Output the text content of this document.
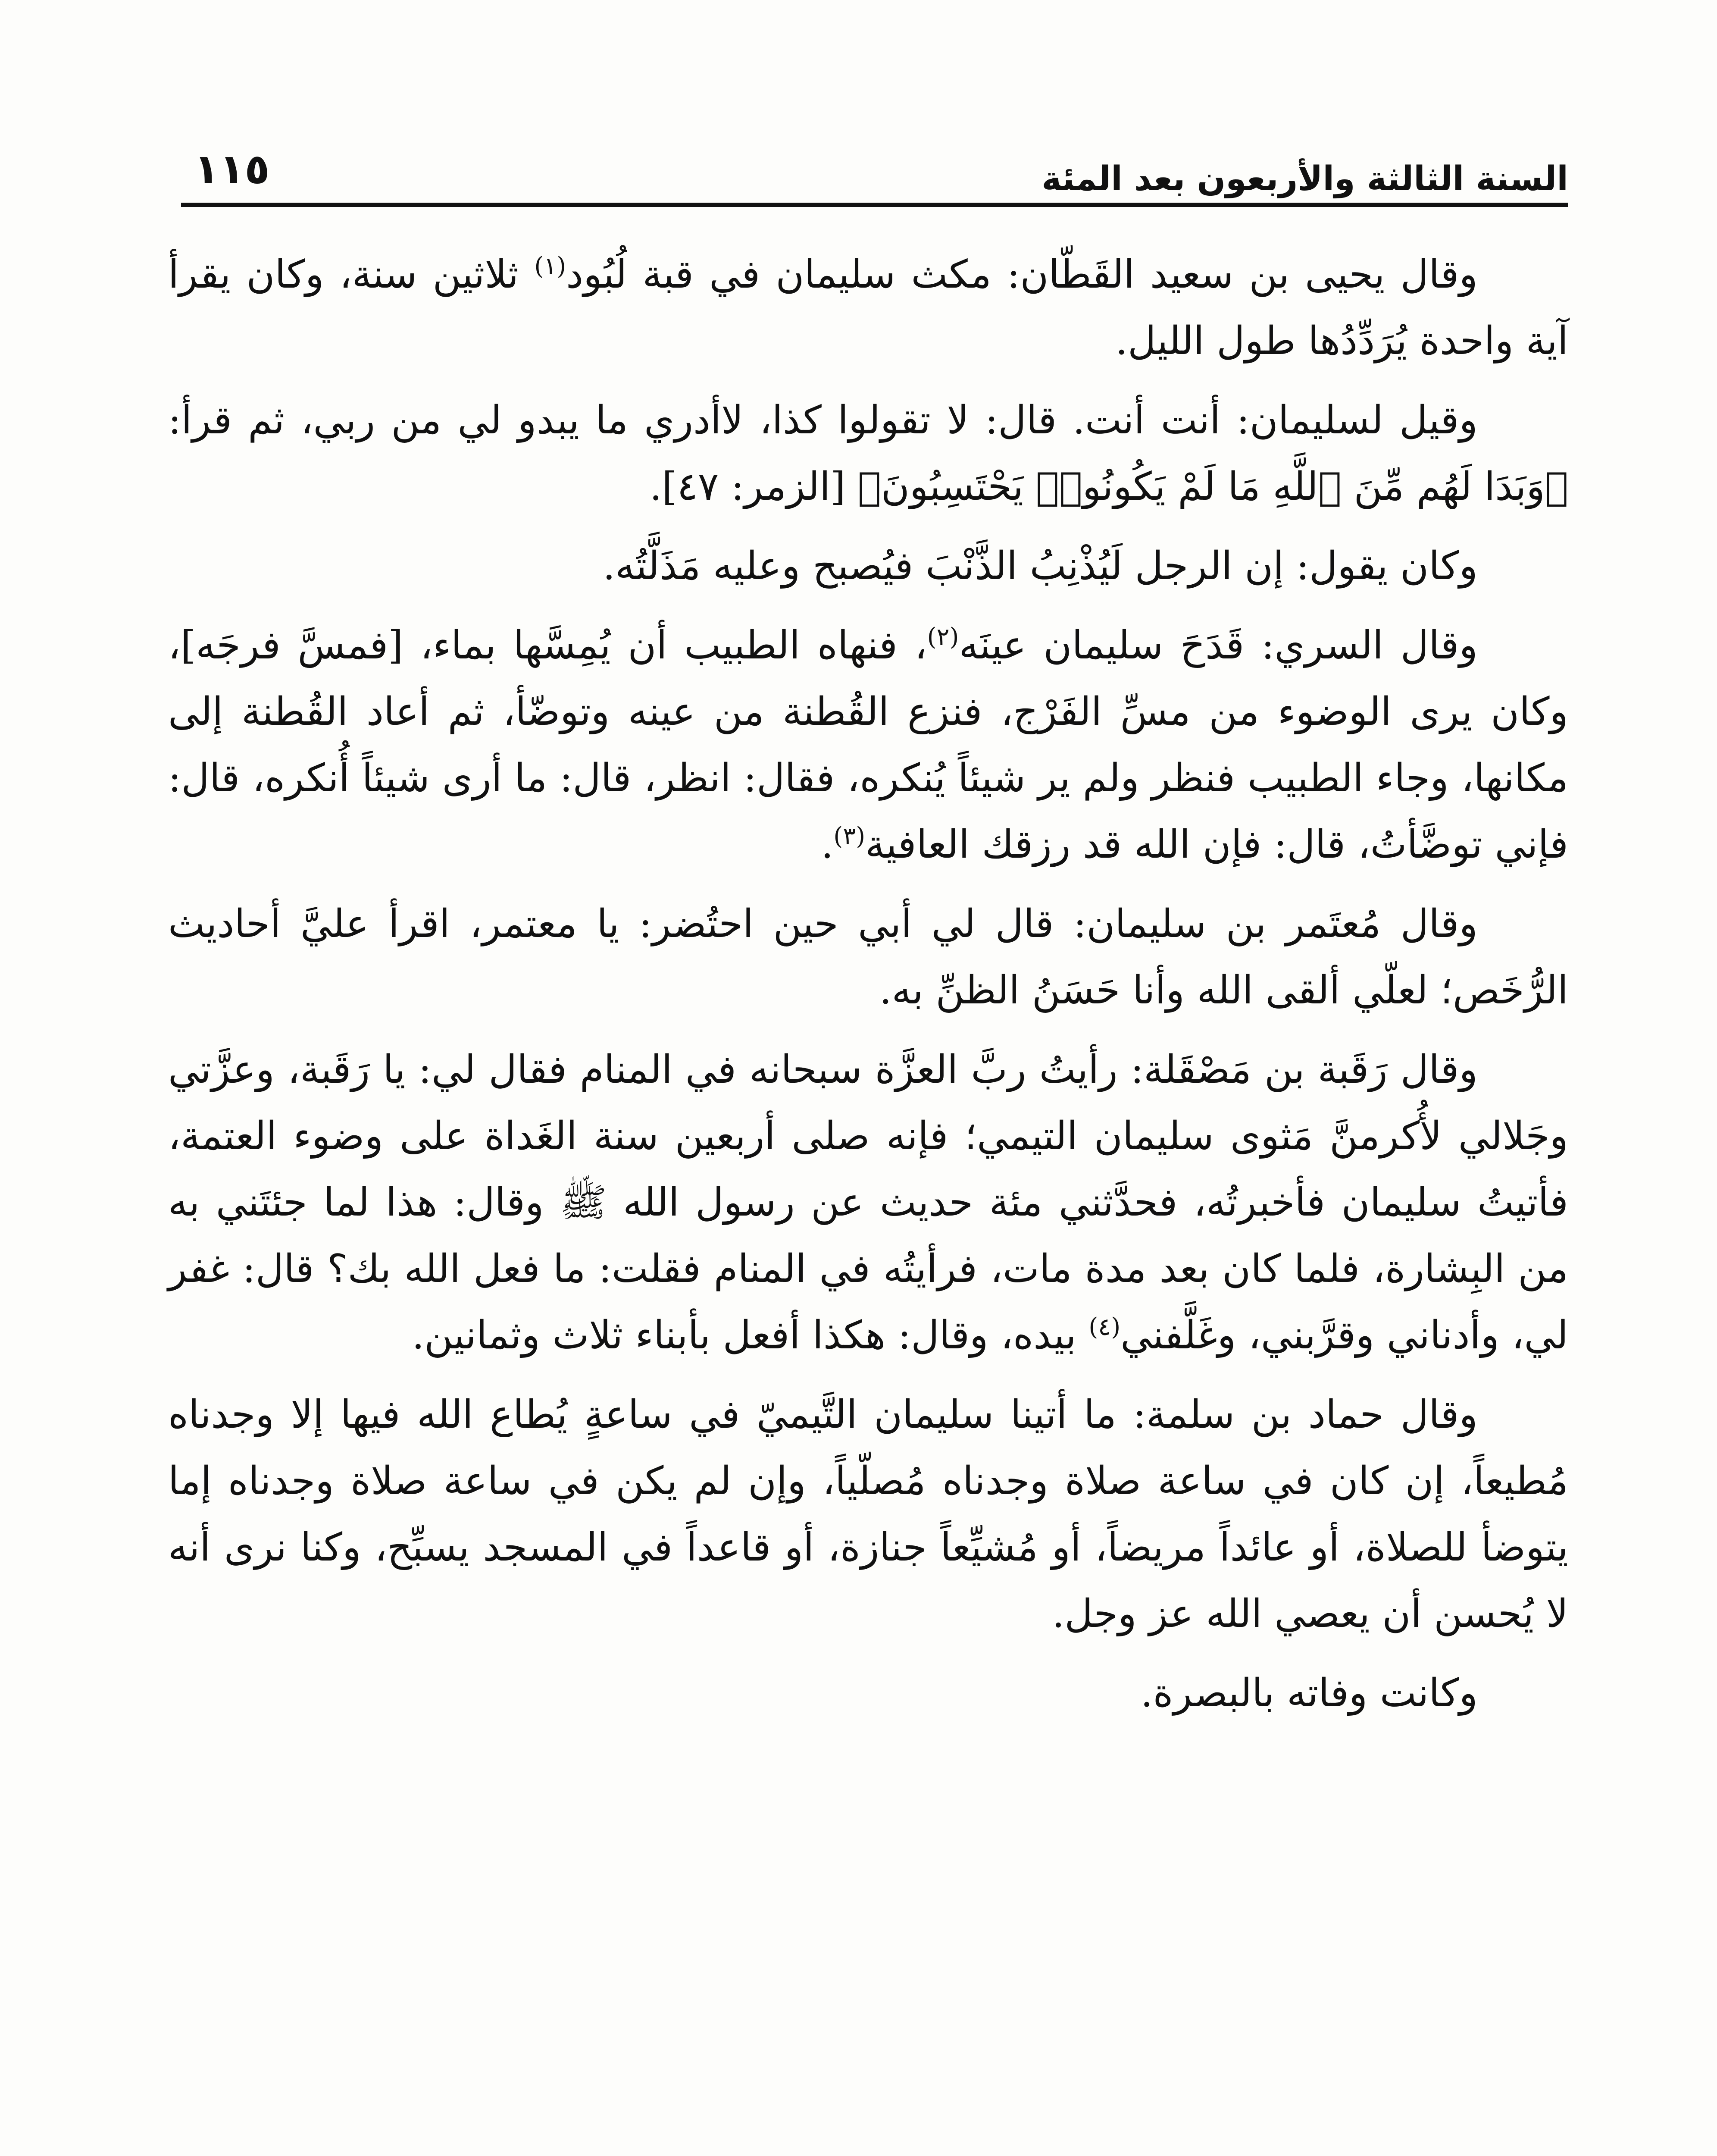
السنة الثالثة والأربعون بعد المئة
١١٥

وقال يحيى بن سعيد القَطّان: مكث سليمان في قبة لُبُود$^{(١)}$ ثلاثين سنة، وكان يقرأ آية واحدة يُرَدِّدُها طول الليل.

وقيل لسليمان: أنت أنت. قال: لا تقولوا كذا، لاأدري ما يبدو لي من ربي، ثم قرأ: ﴿وَبَدَا لَهُم مِّنَ ٱللَّهِ مَا لَمْ يَكُونُوا۟ يَحْتَسِبُونَ﴾ [الزمر: ٤٧].

وكان يقول: إن الرجل لَيُذْنِبُ الذَّنْبَ فيُصبح وعليه مَذَلَّتُه.

وقال السري: قَدَحَ سليمان عينَه$^{(٢)}$، فنهاه الطبيب أن يُمِسَّها بماء، [فمسَّ فرجَه]، وكان يرى الوضوء من مسِّ الفَرْج، فنزع القُطنة من عينه وتوضّأ، ثم أعاد القُطنة إلى مكانها، وجاء الطبيب فنظر ولم ير شيئاً يُنكره، فقال: انظر، قال: ما أرى شيئاً أُنكره، قال: فإني توضَّأتُ، قال: فإن الله قد رزقك العافية$^{(٣)}$.

وقال مُعتَمر بن سليمان: قال لي أبي حين احتُضر: يا معتمر، اقرأ عليَّ أحاديث الرُّخَص؛ لعلّي ألقى الله وأنا حَسَنُ الظنِّ به.

وقال رَقَبة بن مَصْقَلة: رأيتُ ربَّ العزَّة سبحانه في المنام فقال لي: يا رَقَبة، وعزَّتي وجَلالي لأُكرمنَّ مَثوى سليمان التيمي؛ فإنه صلى أربعين سنة الغَداة على وضوء العتمة، فأتيتُ سليمان فأخبرتُه، فحدَّثني مئة حديث عن رسول الله ﷺ وقال: هذا لما جئتَني به من البِشارة، فلما كان بعد مدة مات، فرأيتُه في المنام فقلت: ما فعل الله بك؟ قال: غفر لي، وأدناني وقرَّبني، وغَلَّفني$^{(٤)}$ بيده، وقال: هكذا أفعل بأبناء ثلاث وثمانين.

وقال حماد بن سلمة: ما أتينا سليمان التَّيميّ في ساعةٍ يُطاع الله فيها إلا وجدناه مُطيعاً، إن كان في ساعة صلاة وجدناه مُصلّياً، وإن لم يكن في ساعة صلاة وجدناه إما يتوضأ للصلاة، أو عائداً مريضاً، أو مُشيِّعاً جنازة، أو قاعداً في المسجد يسبِّح، وكنا نرى أنه لا يُحسن أن يعصي الله عز وجل.

وكانت وفاته بالبصرة.
